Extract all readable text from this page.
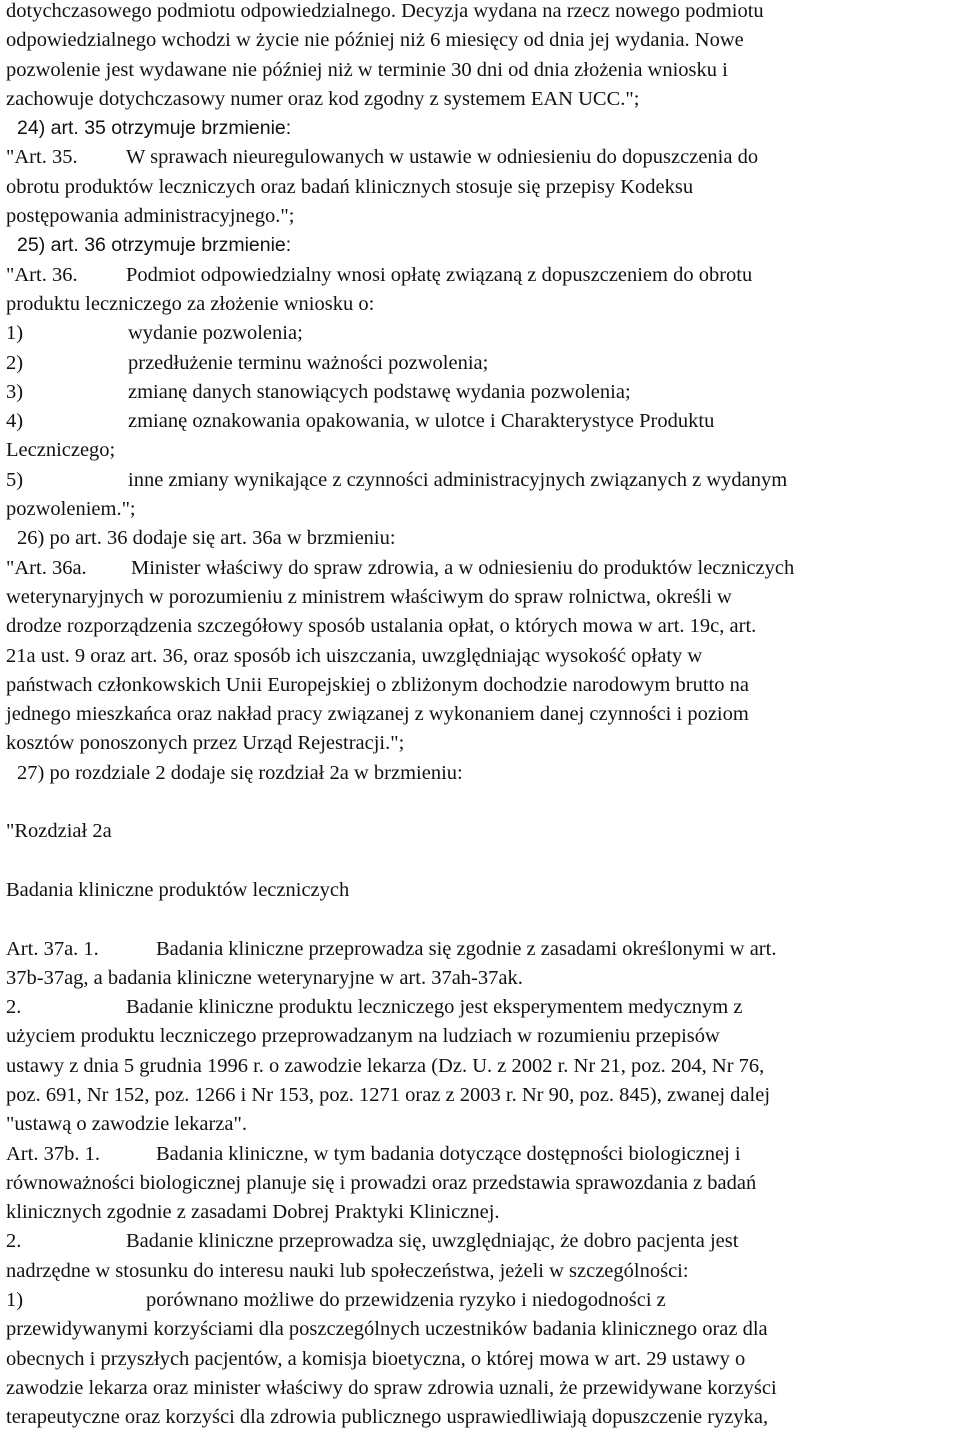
dotychczasowego podmiotu odpowiedzialnego. Decyzja wydana na rzecz nowego podmiotu

odpowiedzialnego wchodzi w życie nie później niż 6 miesięcy od dnia jej wydania. Nowe

pozwolenie jest wydawane nie później niż w terminie 30 dni od dnia złożenia wniosku i

zachowuje dotychczasowy numer oraz kod zgodny z systemem EAN UCC.";

24) art. 35 otrzymuje brzmienie:

"Art. 35. W sprawach nieuregulowanych w ustawie w odniesieniu do dopuszczenia do

obrotu produktów leczniczych oraz badań klinicznych stosuje się przepisy Kodeksu

postępowania administracyjnego.";

25) art. 36 otrzymuje brzmienie:

"Art. 36. Podmiot odpowiedzialny wnosi opłatę związaną z dopuszczeniem do obrotu

produktu leczniczego za złożenie wniosku o:

1)	wydanie pozwolenia;

2)	przedłużenie terminu ważności pozwolenia;

3)	zmianę danych stanowiących podstawę wydania pozwolenia;

4)	zmianę oznakowania opakowania, w ulotce i Charakterystyce Produktu

Leczniczego;

5)	inne zmiany wynikające z czynności administracyjnych związanych z wydanym

pozwoleniem.";

26) po art. 36 dodaje się art. 36a w brzmieniu:

"Art. 36a. Minister właściwy do spraw zdrowia, a w odniesieniu do produktów leczniczych

weterynaryjnych w porozumieniu z ministrem właściwym do spraw rolnictwa, określi w

drodze rozporządzenia szczegółowy sposób ustalania opłat, o których mowa w art. 19c, art.

21a ust. 9 oraz art. 36, oraz sposób ich uiszczania, uwzględniając wysokość opłaty w

państwach członkowskich Unii Europejskiej o zbliżonym dochodzie narodowym brutto na

jednego mieszkańca oraz nakład pracy związanej z wykonaniem danej czynności i poziom

kosztów ponoszonych przez Urząd Rejestracji.";

27) po rozdziale 2 dodaje się rozdział 2a w brzmieniu:

"Rozdział 2a

Badania kliniczne produktów leczniczych

Art. 37a. 1.	Badania kliniczne przeprowadza się zgodnie z zasadami określonymi w art.

37b-37ag, a badania kliniczne weterynaryjne w art. 37ah-37ak.

2.	Badanie kliniczne produktu leczniczego jest eksperymentem medycznym z

użyciem produktu leczniczego przeprowadzanym na ludziach w rozumieniu przepisów

ustawy z dnia 5 grudnia 1996 r. o zawodzie lekarza (Dz. U. z 2002 r. Nr 21, poz. 204, Nr 76,

poz. 691, Nr 152, poz. 1266 i Nr 153, poz. 1271 oraz z 2003 r. Nr 90, poz. 845), zwanej dalej

"ustawą o zawodzie lekarza".

Art. 37b. 1.	Badania kliniczne, w tym badania dotyczące dostępności biologicznej i

równoważności biologicznej planuje się i prowadzi oraz przedstawia sprawozdania z badań

klinicznych zgodnie z zasadami Dobrej Praktyki Klinicznej.

2.	Badanie kliniczne przeprowadza się, uwzględniając, że dobro pacjenta jest

nadrzędne w stosunku do interesu nauki lub społeczeństwa, jeżeli w szczególności:

1)	porównano możliwe do przewidzenia ryzyko i niedogodności z

przewidywanymi korzyściami dla poszczególnych uczestników badania klinicznego oraz dla

obecnych i przyszłych pacjentów, a komisja bioetyczna, o której mowa w art. 29 ustawy o

zawodzie lekarza oraz minister właściwy do spraw zdrowia uznali, że przewidywane korzyści

terapeutyczne oraz korzyści dla zdrowia publicznego usprawiedliwiają dopuszczenie ryzyka,
